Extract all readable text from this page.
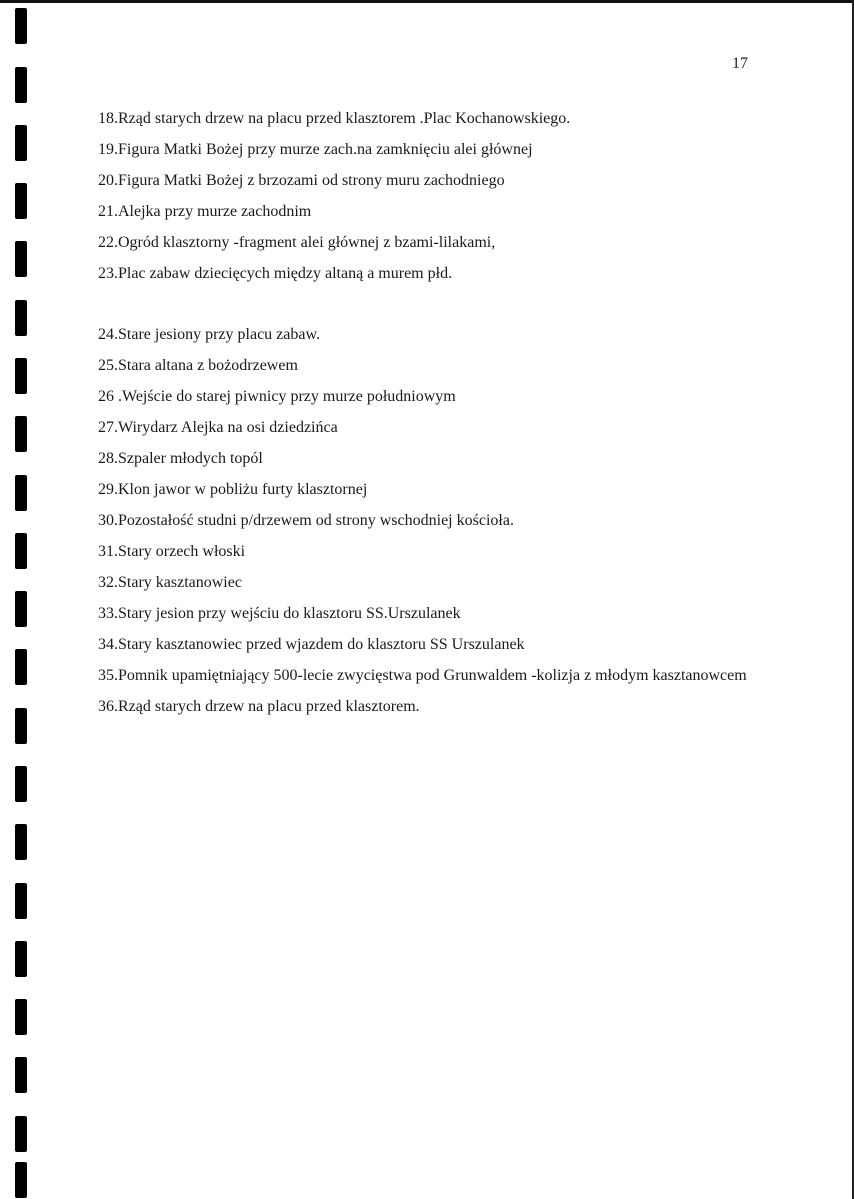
17
18.Rząd starych drzew na placu przed klasztorem .Plac Kochanowskiego.
19.Figura Matki Bożej przy murze zach.na zamknięciu alei głównej
20.Figura Matki Bożej z brzozami od strony muru zachodniego
21.Alejka przy murze zachodnim
22.Ogród klasztorny -fragment alei głównej z bzami-lilakami,
23.Plac zabaw dziecięcych między altaną a murem płd.
24.Stare jesiony przy placu zabaw.
25.Stara altana z bożodrzewem
26 .Wejście do starej piwnicy przy murze południowym
27.Wirydarz Alejka na osi dziedzińca
28.Szpaler młodych topól
29.Klon jawor w pobliżu furty klasztornej
30.Pozostałość studni p/drzewem od strony wschodniej kościoła.
31.Stary orzech włoski
32.Stary kasztanowiec
33.Stary jesion przy wejściu do klasztoru SS.Urszulanek
34.Stary kasztanowiec przed wjazdem do klasztoru SS Urszulanek
35.Pomnik upamiętniający 500-lecie zwycięstwa pod Grunwaldem -kolizja z młodym kasztanowcem
36.Rząd starych drzew na placu przed klasztorem.
